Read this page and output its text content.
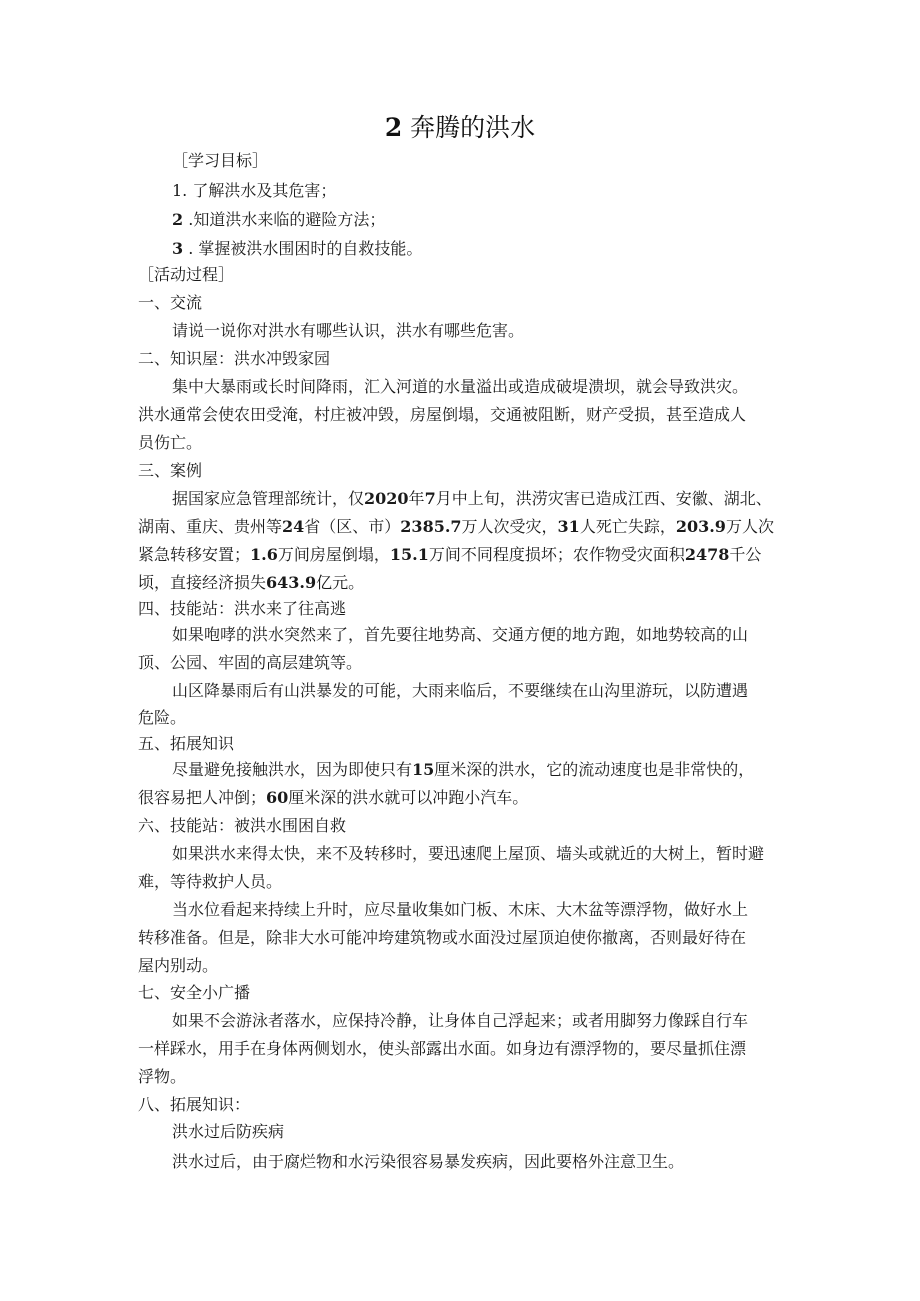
2 奔腾的洪水
［学习目标］
1. 了解洪水及其危害；
2 .知道洪水来临的避险方法；
3 . 掌握被洪水围困时的自救技能。
［活动过程］
一、交流
请说一说你对洪水有哪些认识，洪水有哪些危害。
二、知识屋：洪水冲毁家园
集中大暴雨或长时间降雨，汇入河道的水量溢出或造成破堤溃坝，就会导致洪灾。
洪水通常会使农田受淹，村庄被冲毁，房屋倒塌，交通被阻断，财产受损，甚至造成人
员伤亡。
三、案例
据国家应急管理部统计，仅2020年7月中上旬，洪涝灾害已造成江西、安徽、湖北、
湖南、重庆、贵州等24省（区、市）2385.7万人次受灾，31人死亡失踪，203.9万人次
紧急转移安置；1.6万间房屋倒塌，15.1万间不同程度损坏；农作物受灾面积2478千公
顷，直接经济损失643.9亿元。
四、技能站：洪水来了往高逃
如果咆哮的洪水突然来了，首先要往地势高、交通方便的地方跑，如地势较高的山
顶、公园、牢固的高层建筑等。
山区降暴雨后有山洪暴发的可能，大雨来临后，不要继续在山沟里游玩，以防遭遇
危险。
五、拓展知识
尽量避免接触洪水，因为即使只有15厘米深的洪水，它的流动速度也是非常快的，
很容易把人冲倒；60厘米深的洪水就可以冲跑小汽车。
六、技能站：被洪水围困自救
如果洪水来得太快，来不及转移时，要迅速爬上屋顶、墙头或就近的大树上，暂时避
难，等待救护人员。
当水位看起来持续上升时，应尽量收集如门板、木床、大木盆等漂浮物，做好水上
转移准备。但是，除非大水可能冲垮建筑物或水面没过屋顶迫使你撤离，否则最好待在
屋内别动。
七、安全小广播
如果不会游泳者落水，应保持冷静，让身体自己浮起来；或者用脚努力像踩自行车
一样踩水，用手在身体两侧划水，使头部露出水面。如身边有漂浮物的，要尽量抓住漂
浮物。
八、拓展知识：
洪水过后防疾病
洪水过后，由于腐烂物和水污染很容易暴发疾病，因此要格外注意卫生。
